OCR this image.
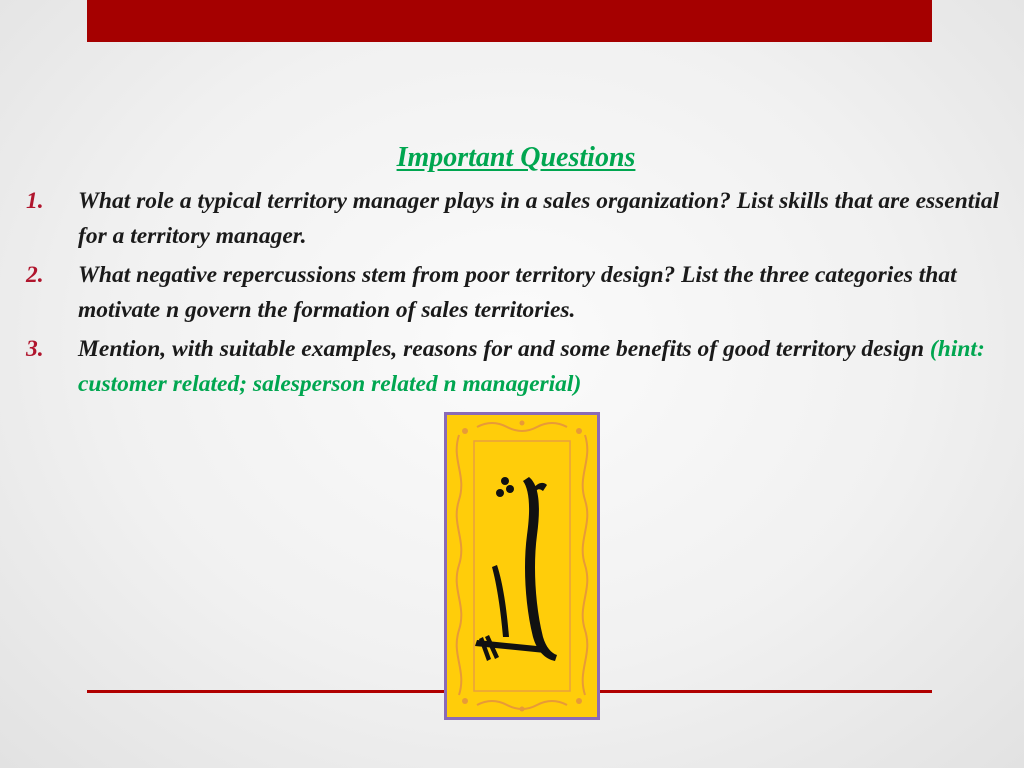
Important Questions
1. What role a typical territory manager plays in a sales organization? List skills that are essential for a territory manager.
2. What negative repercussions stem from poor territory design? List the three categories that motivate n govern the formation of sales territories.
3. Mention, with suitable examples, reasons for and some benefits of good territory design (hint: customer related; salesperson related n managerial)
